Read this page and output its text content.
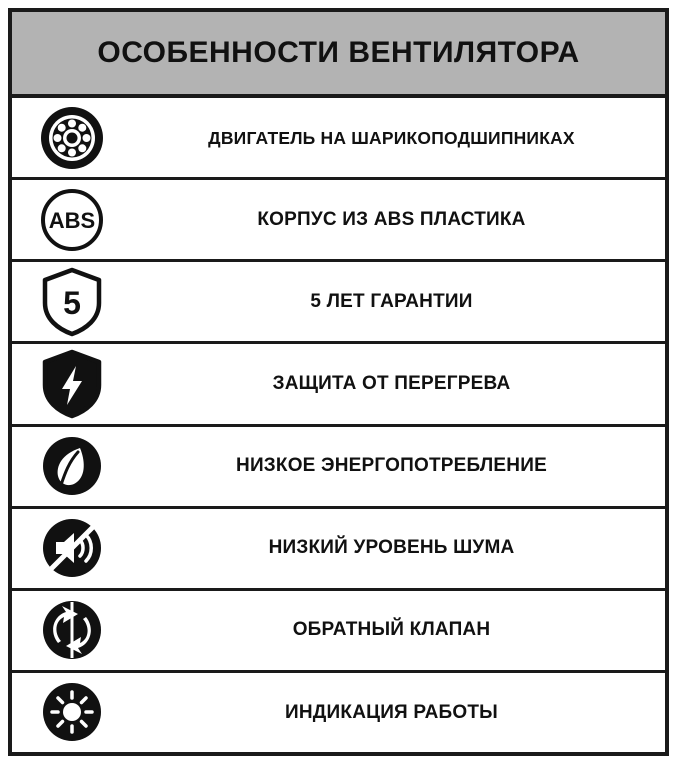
ОСОБЕННОСТИ ВЕНТИЛЯТОРА
ДВИГАТЕЛЬ НА ШАРИКОПОДШИПНИКАХ
ABS	КОРПУС ИЗ ABS ПЛАСТИКА
5	5 ЛЕТ ГАРАНТИИ
ЗАЩИТА ОТ ПЕРЕГРЕВА
НИЗКОЕ ЭНЕРГОПОТРЕБЛЕНИЕ
НИЗКИЙ УРОВЕНЬ ШУМА
ОБРАТНЫЙ КЛАПАН
ИНДИКАЦИЯ РАБОТЫ
